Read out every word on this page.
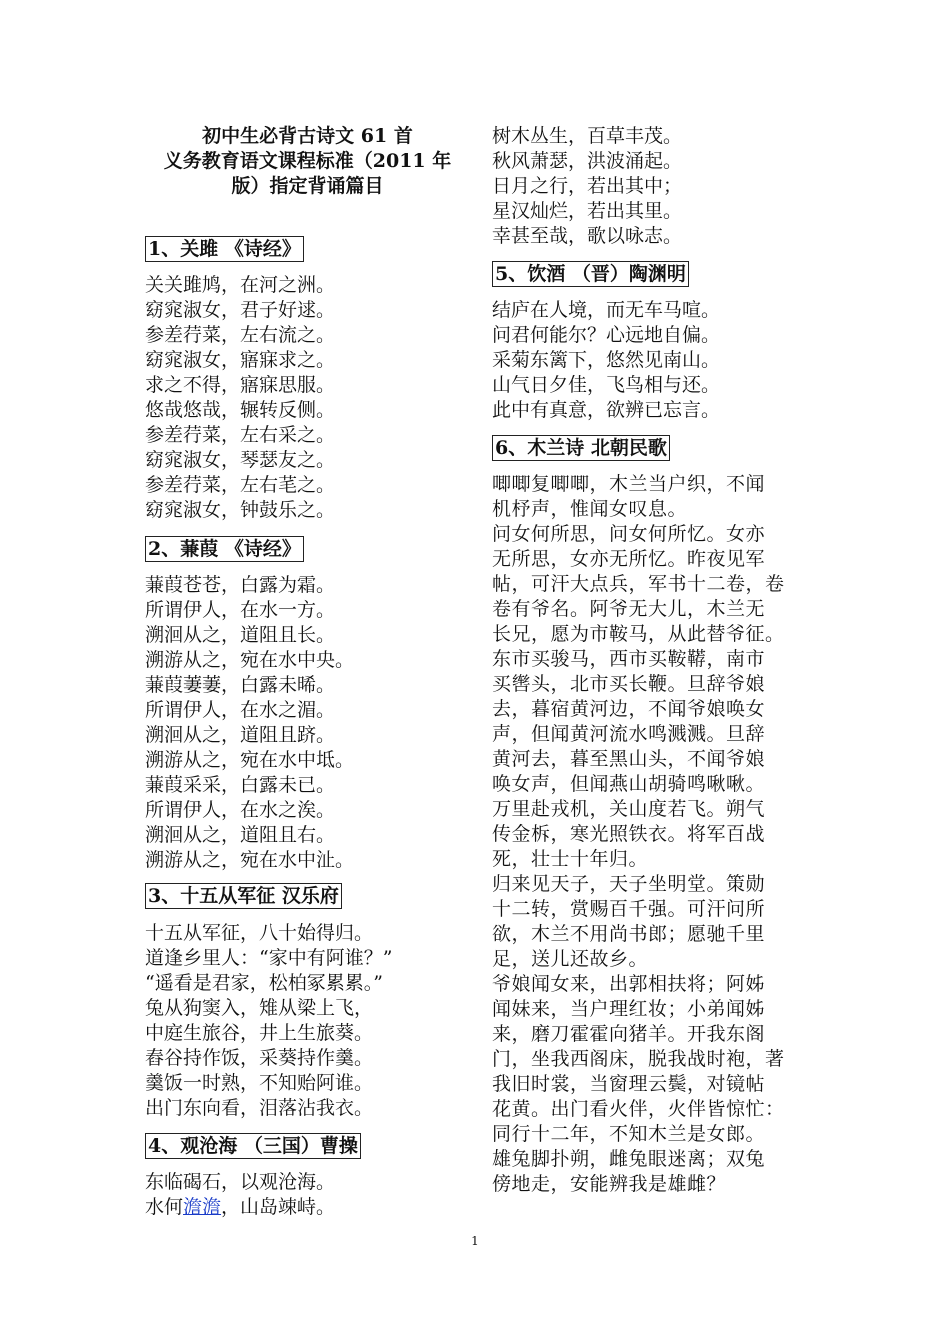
初中生必背古诗文 61 首
义务教育语文课程标准（2011 年
版）指定背诵篇目
1、关雎 《诗经》
关关雎鸠，在河之洲。
窈窕淑女，君子好逑。
参差荇菜，左右流之。
窈窕淑女，寤寐求之。
求之不得，寤寐思服。
悠哉悠哉，辗转反侧。
参差荇菜，左右采之。
窈窕淑女，琴瑟友之。
参差荇菜，左右芼之。
窈窕淑女，钟鼓乐之。
2、蒹葭 《诗经》
蒹葭苍苍，白露为霜。
所谓伊人，在水一方。
溯洄从之，道阻且长。
溯游从之，宛在水中央。
蒹葭萋萋，白露未晞。
所谓伊人，在水之湄。
溯洄从之，道阻且跻。
溯游从之，宛在水中坻。
蒹葭采采，白露未已。
所谓伊人，在水之涘。
溯洄从之，道阻且右。
溯游从之，宛在水中沚。
3、十五从军征 汉乐府
十五从军征，八十始得归。
道逢乡里人：“家中有阿谁？”
“遥看是君家，松柏冢累累。”
兔从狗窦入，雉从梁上飞，
中庭生旅谷，井上生旅葵。
舂谷持作饭，采葵持作羹。
羹饭一时熟，不知贻阿谁。
出门东向看，泪落沾我衣。
4、观沧海 （三国）曹操
东临碣石，以观沧海。
水何澹澹，山岛竦峙。
树木丛生，百草丰茂。
秋风萧瑟，洪波涌起。
日月之行，若出其中；
星汉灿烂，若出其里。
幸甚至哉，歌以咏志。
5、饮酒 （晋）陶渊明
结庐在人境，而无车马喧。
问君何能尔？心远地自偏。
采菊东篱下，悠然见南山。
山气日夕佳，飞鸟相与还。
此中有真意，欲辨已忘言。
6、木兰诗 北朝民歌
唧唧复唧唧，木兰当户织，不闻
机杼声，惟闻女叹息。
问女何所思，问女何所忆。女亦
无所思，女亦无所忆。昨夜见军
帖，可汗大点兵，军书十二卷，卷
卷有爷名。阿爷无大儿，木兰无
长兄，愿为市鞍马，从此替爷征。
东市买骏马，西市买鞍鞯，南市
买辔头，北市买长鞭。旦辞爷娘
去，暮宿黄河边，不闻爷娘唤女
声，但闻黄河流水鸣溅溅。旦辞
黄河去，暮至黑山头，不闻爷娘
唤女声，但闻燕山胡骑鸣啾啾。
万里赴戎机，关山度若飞。朔气
传金柝，寒光照铁衣。将军百战
死，壮士十年归。
归来见天子，天子坐明堂。策勋
十二转，赏赐百千强。可汗问所
欲，木兰不用尚书郎；愿驰千里
足，送儿还故乡。
爷娘闻女来，出郭相扶将；阿姊
闻妹来，当户理红妆；小弟闻姊
来，磨刀霍霍向猪羊。开我东阁
门，坐我西阁床，脱我战时袍，著
我旧时裳，当窗理云鬓，对镜帖
花黄。出门看火伴，火伴皆惊忙：
同行十二年，不知木兰是女郎。
雄兔脚扑朔，雌兔眼迷离；双兔
傍地走，安能辨我是雄雌？
1
